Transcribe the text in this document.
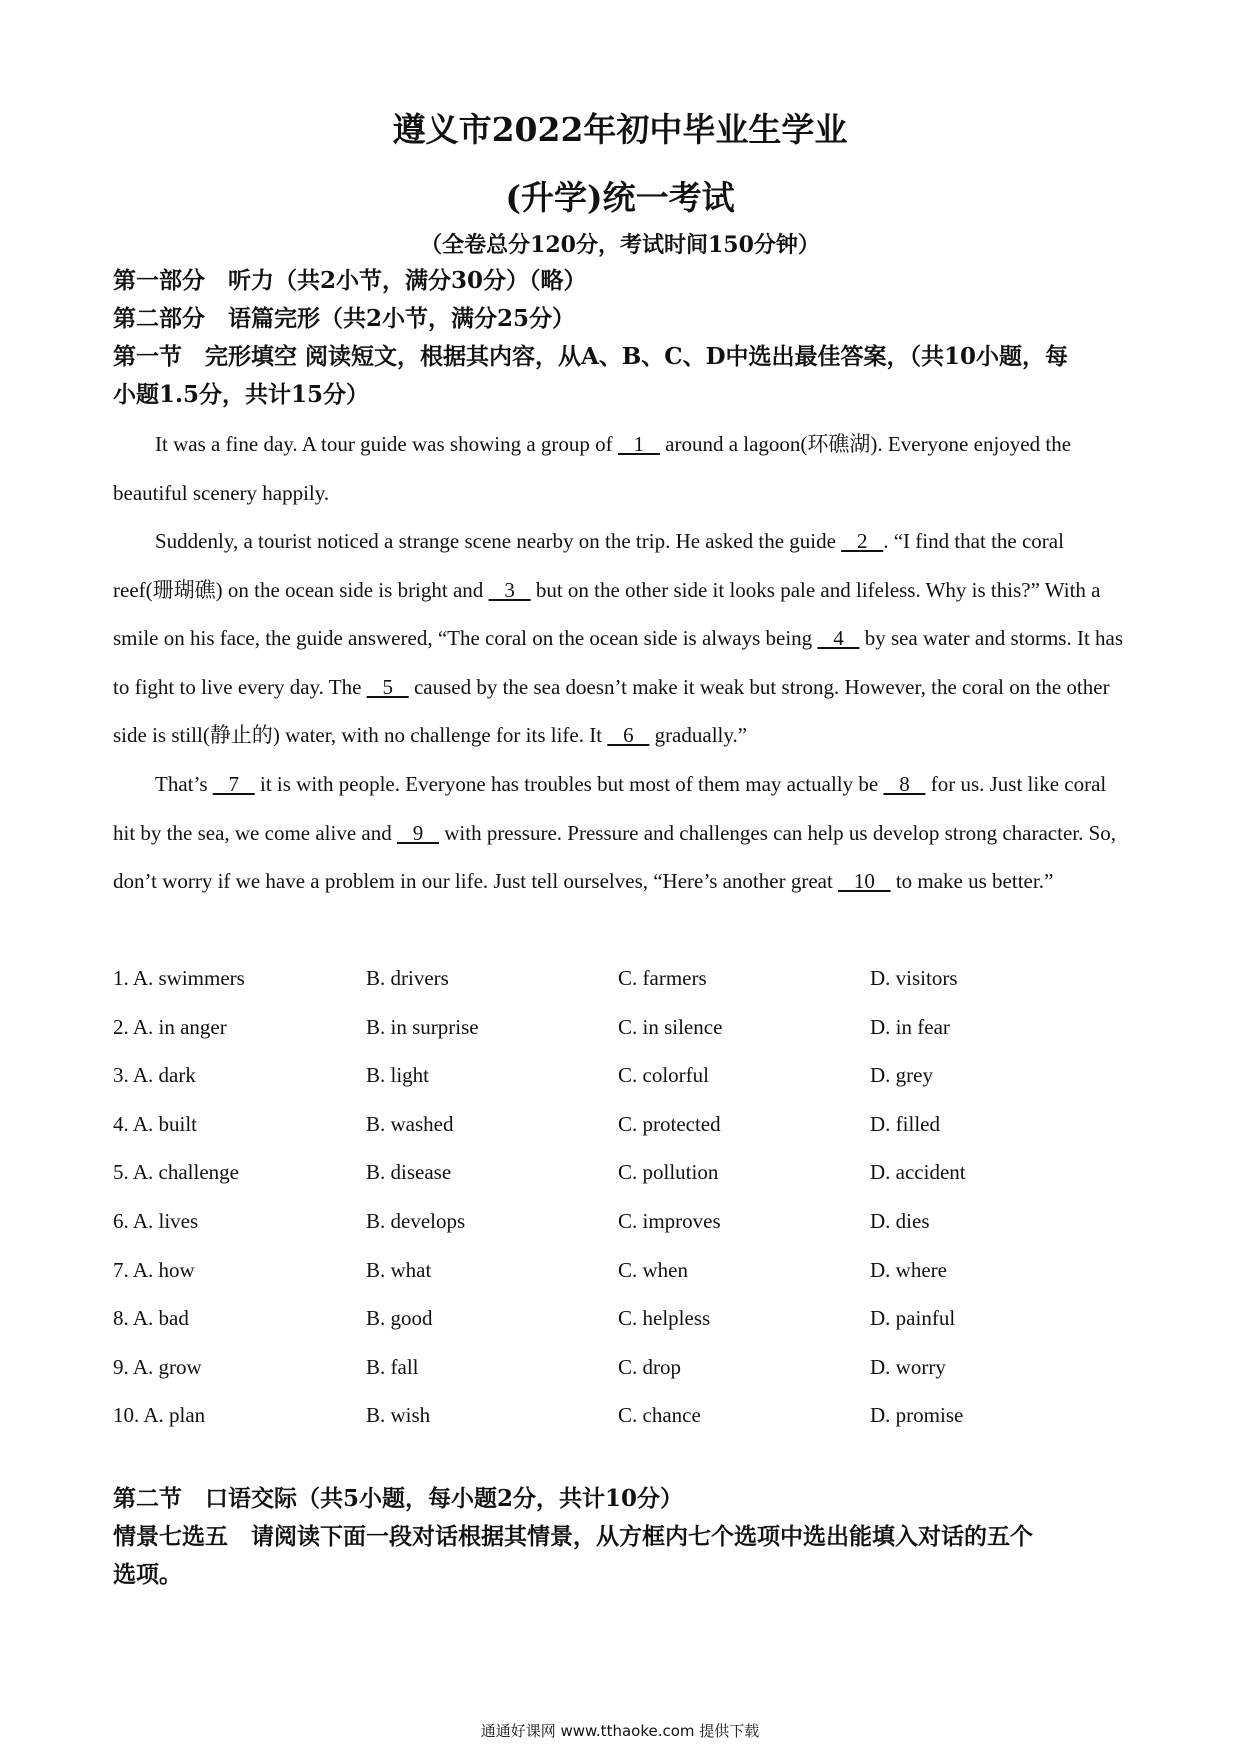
遵义市2022年初中毕业生学业
(升学)统一考试
（全卷总分120分，考试时间150分钟）
第一部分　听力（共2小节，满分30分）（略）
第二部分　语篇完形（共2小节，满分25分）
第一节　完形填空 阅读短文，根据其内容，从A、B、C、D中选出最佳答案，（共10小题，每
小题1.5分，共计15分）
It was a fine day. A tour guide was showing a group of    1    around a lagoon(环礁湖). Everyone enjoyed the beautiful scenery happily.
Suddenly, a tourist noticed a strange scene nearby on the trip. He asked the guide    2   . “I find that the coral reef(珊瑚礁) on the ocean side is bright and    3    but on the other side it looks pale and lifeless. Why is this?” With a smile on his face, the guide answered, “The coral on the ocean side is always being    4    by sea water and storms. It has to fight to live every day. The    5    caused by the sea doesn’t make it weak but strong. However, the coral on the other side is still(静止的) water, with no challenge for its life. It    6    gradually.”
That’s    7    it is with people. Everyone has troubles but most of them may actually be    8    for us. Just like coral hit by the sea, we come alive and    9    with pressure. Pressure and challenges can help us develop strong character. So, don’t worry if we have a problem in our life. Just tell ourselves, “Here’s another great    10    to make us better.”
1. A. swimmers	B. drivers	C. farmers	D. visitors
2. A. in anger	B. in surprise	C. in silence	D. in fear
3. A. dark	B. light	C. colorful	D. grey
4. A. built	B. washed	C. protected	D. filled
5. A. challenge	B. disease	C. pollution	D. accident
6. A. lives	B. develops	C. improves	D. dies
7. A. how	B. what	C. when	D. where
8. A. bad	B. good	C. helpless	D. painful
9. A. grow	B. fall	C. drop	D. worry
10. A. plan	B. wish	C. chance	D. promise
第二节　口语交际（共5小题，每小题2分，共计10分）
情景七选五　请阅读下面一段对话根据其情景，从方框内七个选项中选出能填入对话的五个
选项。
通通好课网 www.tthaoke.com 提供下载
